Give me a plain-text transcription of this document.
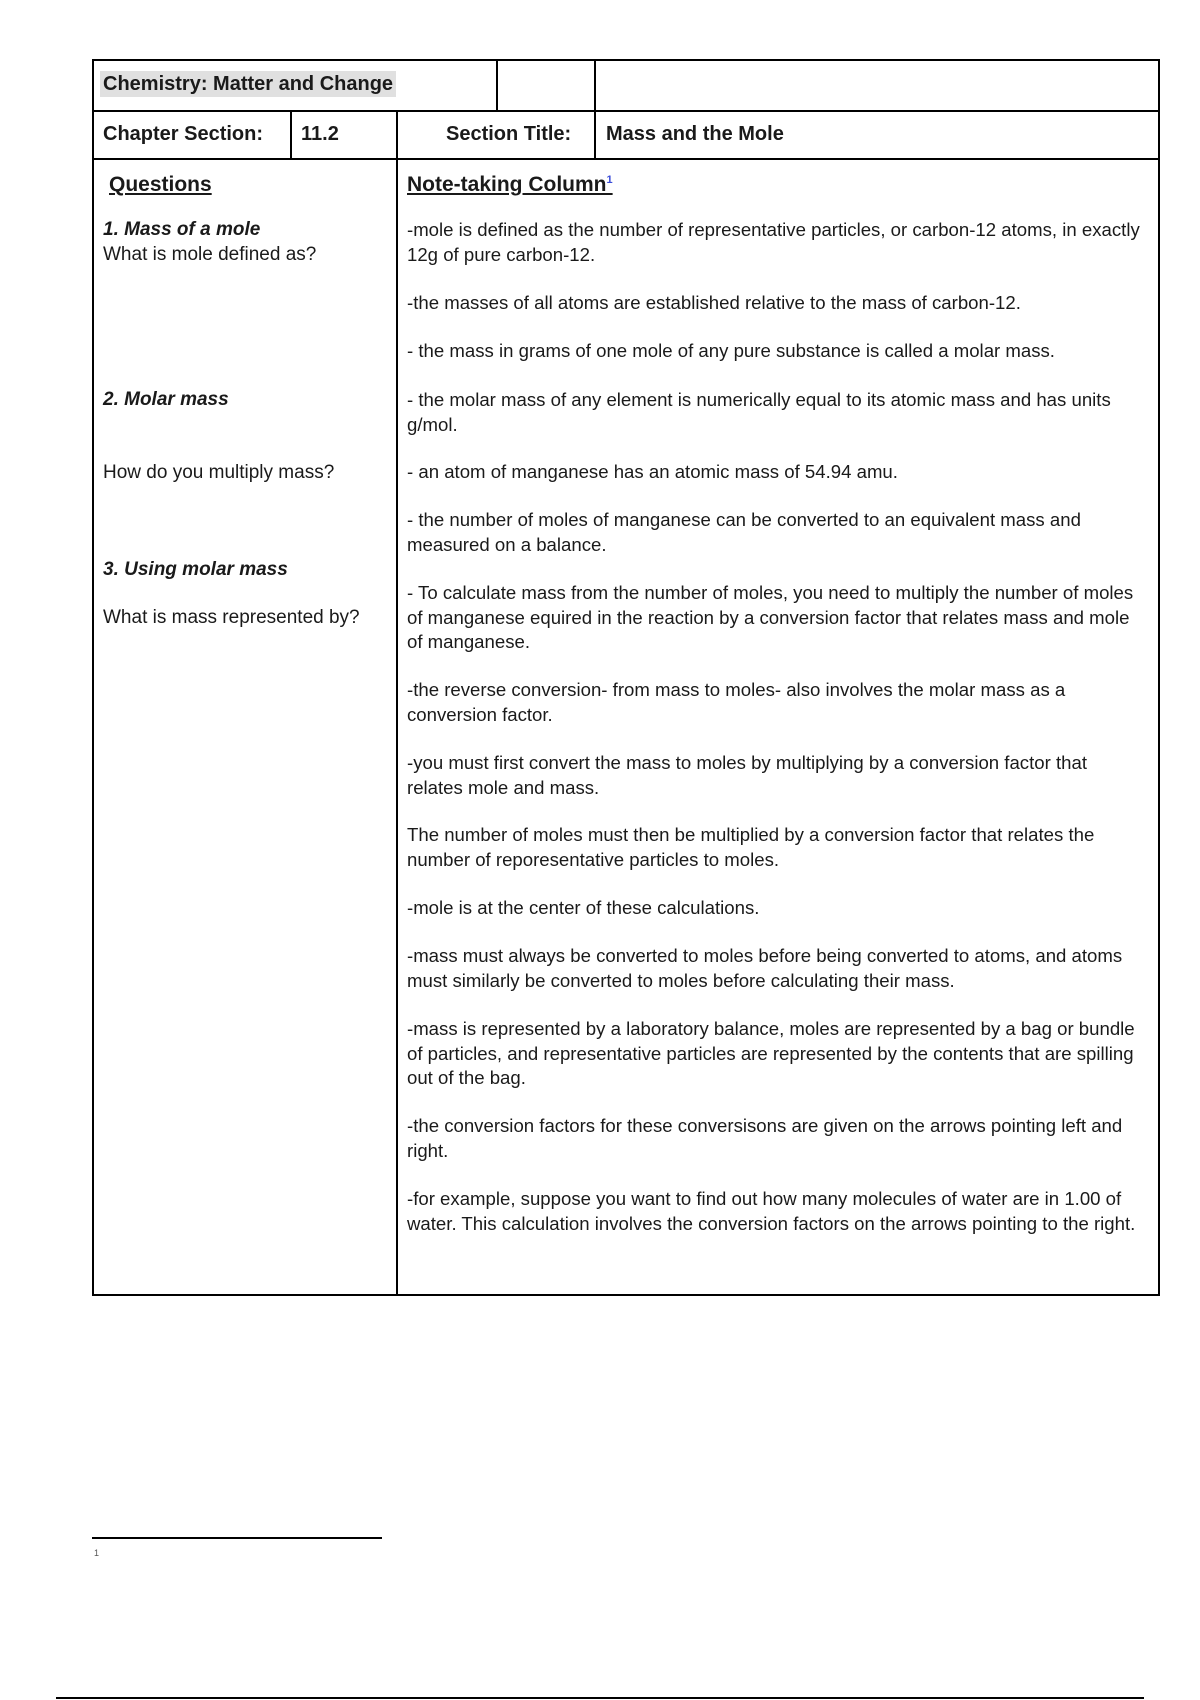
Chemistry: Matter and Change
Chapter Section: 11.2	Section Title: Mass and the Mole
Questions
1. Mass of a mole
What is mole defined as?
2. Molar mass
How do you multiply mass?
3. Using molar mass
What is mass represented by?
Note-taking Column$^1$
-mole is defined as the number of representative particles, or carbon-12 atoms, in exactly 12g of pure carbon-12.
-the masses of all atoms are established relative to the mass of carbon-12.
- the mass in grams of one mole of any pure substance is called a molar mass.
- the molar mass of any element is numerically equal to its atomic mass and has units g/mol.
- an atom of manganese has an atomic mass of 54.94 amu.
- the number of moles of manganese can be converted to an equivalent mass and measured on a balance.
- To calculate mass from the number of moles, you need to multiply the number of moles of manganese equired in the reaction by a conversion factor that relates mass and mole of manganese.
-the reverse conversion- from mass to moles- also involves the molar mass as a conversion factor.
-you must first convert the mass to moles by multiplying by a conversion factor that relates mole and mass.
The number of moles must then be multiplied by a conversion factor that relates the number of reporesentative particles to moles.
-mole is at the center of these calculations.
-mass must always be converted to moles before being converted to atoms, and atoms must similarly be converted to moles before calculating their mass.
-mass is represented by a laboratory balance, moles are represented by a bag or bundle of particles, and representative particles are represented by the contents that are spilling out of the bag.
-the conversion factors for these conversisons are given on the arrows pointing left and right.
-for example, suppose you want to find out how many molecules of water are in 1.00 of water. This calculation involves the conversion factors on the arrows pointing to the right.
1
